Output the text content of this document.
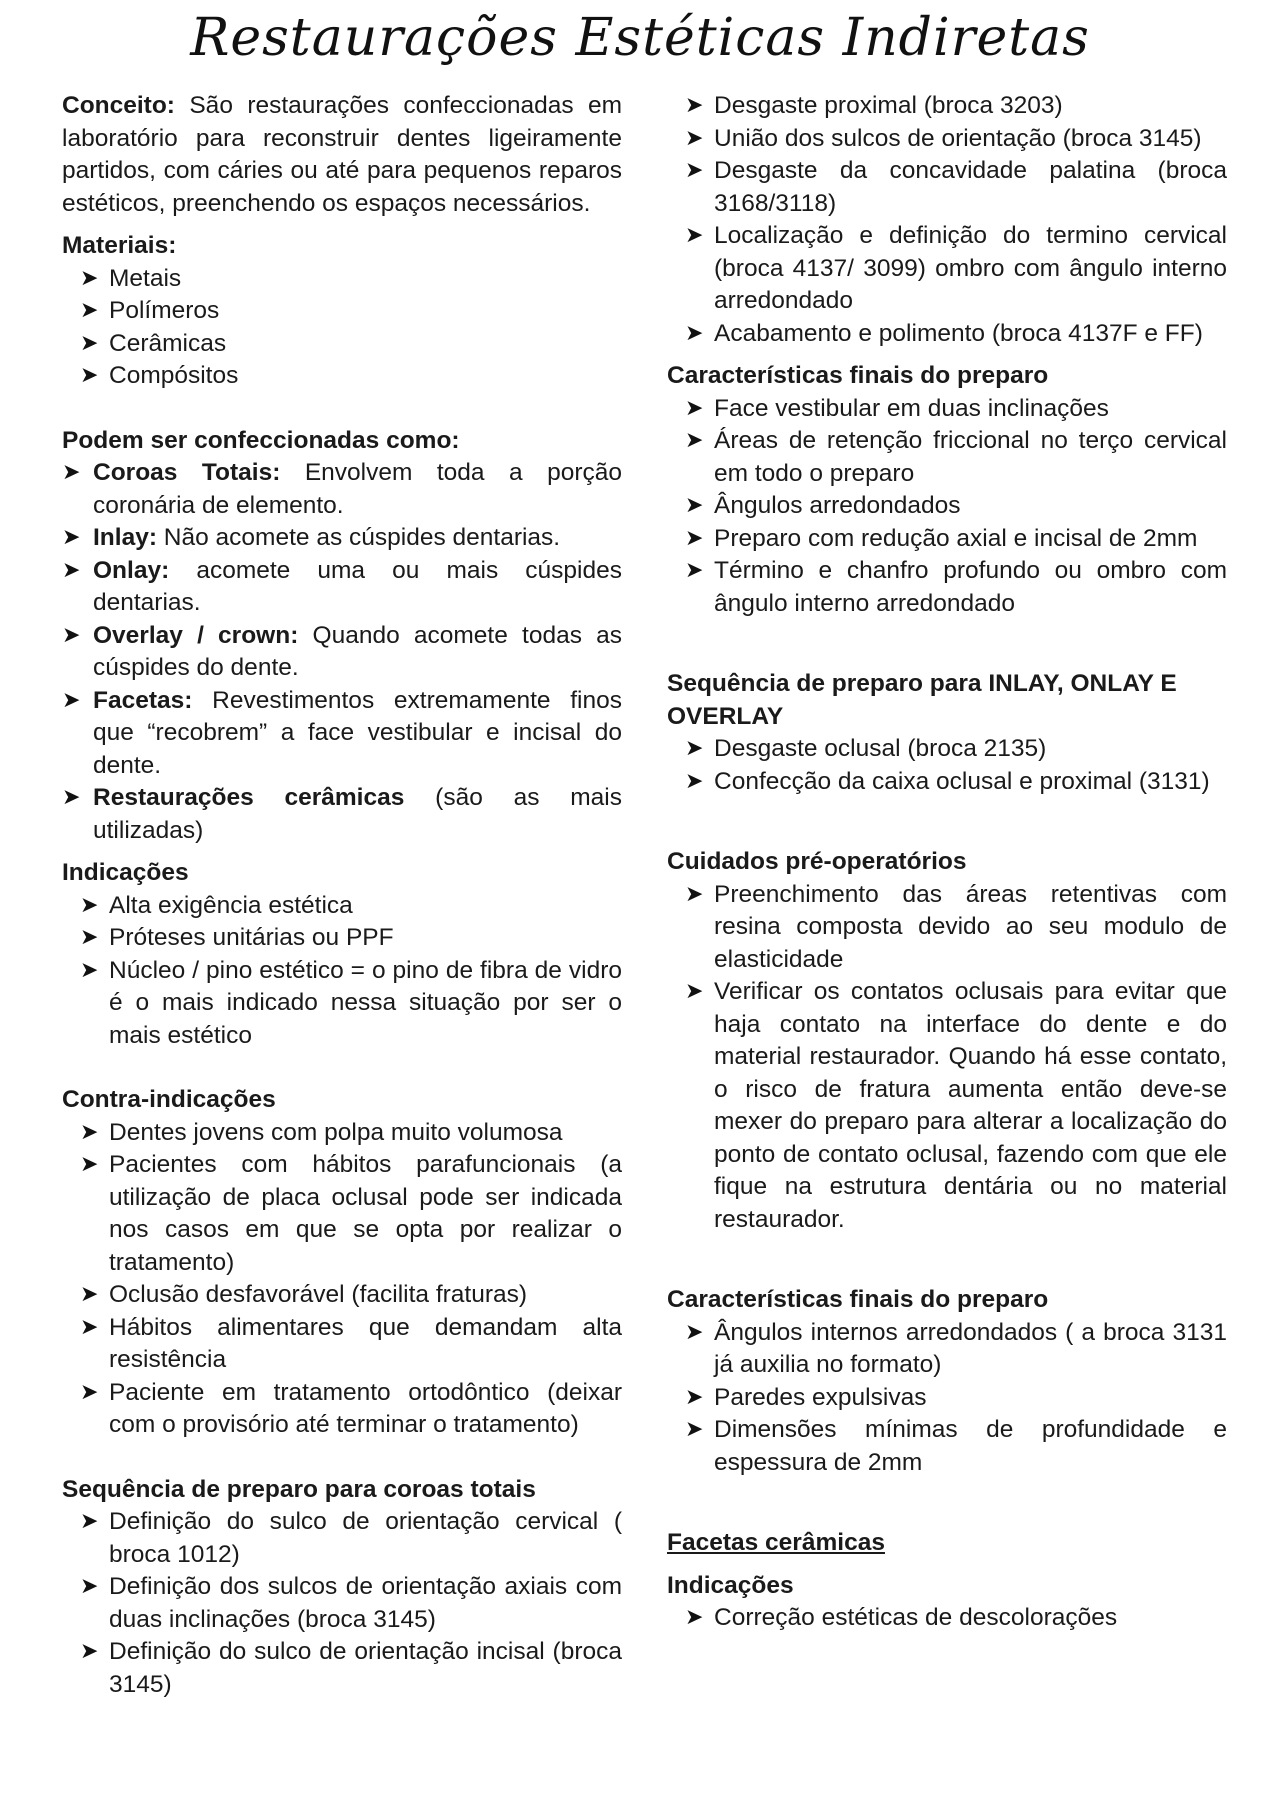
Restaurações Estéticas Indiretas

Conceito: São restaurações confeccionadas em laboratório para reconstruir dentes ligeiramente partidos, com cáries ou até para pequenos reparos estéticos, preenchendo os espaços necessários.

Materiais:

➤ Metais
➤ Polímeros
➤ Cerâmicas
➤ Compósitos

Podem ser confeccionadas como:

➤ Coroas Totais: Envolvem toda a porção coronária de elemento.
➤ Inlay: Não acomete as cúspides dentarias.
➤ Onlay: acomete uma ou mais cúspides dentarias.
➤ Overlay / crown: Quando acomete todas as cúspides do dente.
➤ Facetas: Revestimentos extremamente finos que “recobrem” a face vestibular e incisal do dente.
➤ Restaurações cerâmicas (são as mais utilizadas)

Indicações

➤ Alta exigência estética
➤ Próteses unitárias ou PPF
➤ Núcleo / pino estético = o pino de fibra de vidro é o mais indicado nessa situação por ser o mais estético

Contra-indicações

➤ Dentes jovens com polpa muito volumosa
➤ Pacientes com hábitos parafuncionais (a utilização de placa oclusal pode ser indicada nos casos em que se opta por realizar o tratamento)
➤ Oclusão desfavorável (facilita fraturas)
➤ Hábitos alimentares que demandam alta resistência
➤ Paciente em tratamento ortodôntico (deixar com o provisório até terminar o tratamento)

Sequência de preparo para coroas totais

➤ Definição do sulco de orientação cervical ( broca 1012)
➤ Definição dos sulcos de orientação axiais com duas inclinações (broca 3145)
➤ Definição do sulco de orientação incisal (broca 3145)
➤ Desgaste proximal (broca 3203)
➤ União dos sulcos de orientação (broca 3145)
➤ Desgaste da concavidade palatina (broca 3168/3118)
➤ Localização e definição do termino cervical (broca 4137/ 3099) ombro com ângulo interno arredondado
➤ Acabamento e polimento (broca 4137F e FF)

Características finais do preparo

➤ Face vestibular em duas inclinações
➤ Áreas de retenção friccional no terço cervical em todo o preparo
➤ Ângulos arredondados
➤ Preparo com redução axial e incisal de 2mm
➤ Término e chanfro profundo ou ombro com ângulo interno arredondado

Sequência de preparo para INLAY, ONLAY E OVERLAY

➤ Desgaste oclusal (broca 2135)
➤ Confecção da caixa oclusal e proximal (3131)

Cuidados pré-operatórios

➤ Preenchimento das áreas retentivas com resina composta devido ao seu modulo de elasticidade
➤ Verificar os contatos oclusais para evitar que haja contato na interface do dente e do material restaurador. Quando há esse contato, o risco de fratura aumenta então deve-se mexer do preparo para alterar a localização do ponto de contato oclusal, fazendo com que ele fique na estrutura dentária ou no material restaurador.

Características finais do preparo

➤ Ângulos internos arredondados ( a broca 3131 já auxilia no formato)
➤ Paredes expulsivas
➤ Dimensões mínimas de profundidade e espessura de 2mm

Facetas cerâmicas

Indicações

➤ Correção estéticas de descolorações
